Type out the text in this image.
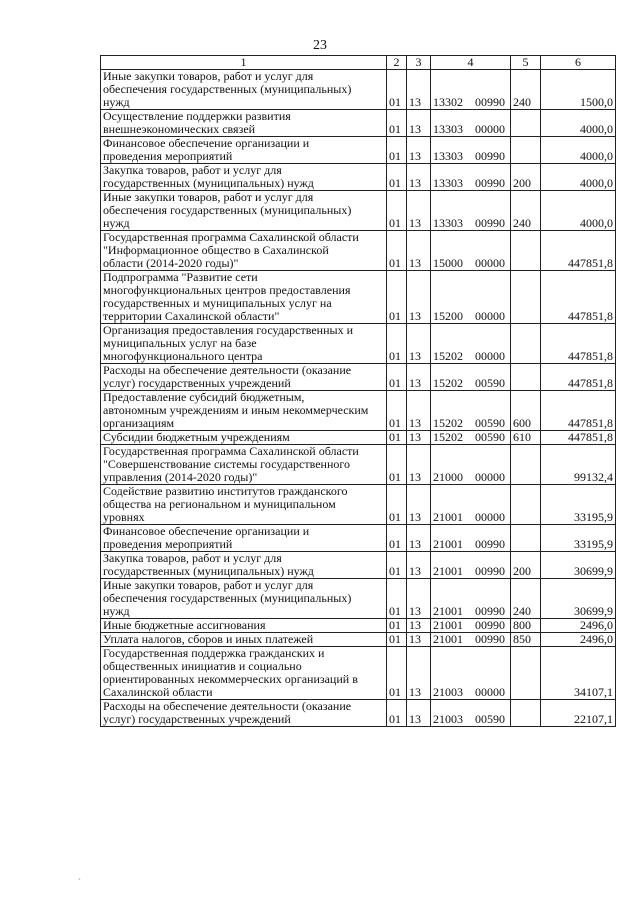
23
1	2	3	4	5	6

Иные закупки товаров, работ и услуг для
обеспечения государственных (муниципальных)
нужд	01	13	13302 00990	240	1500,0

Осуществление поддержки развития
внешнеэкономических связей	01	13	13303 00000		4000,0

Финансовое обеспечение организации и
проведения мероприятий	01	13	13303 00990		4000,0

Закупка товаров, работ и услуг для
государственных (муниципальных) нужд	01	13	13303 00990	200	4000,0

Иные закупки товаров, работ и услуг для
обеспечения государственных (муниципальных)
нужд	01	13	13303 00990	240	4000,0

Государственная программа Сахалинской области
"Информационное общество в Сахалинской
области (2014-2020 годы)"	01	13	15000 00000		447851,8

Подпрограмма "Развитие сети
многофункциональных центров предоставления
государственных и муниципальных услуг на
территории Сахалинской области"	01	13	15200 00000		447851,8

Организация предоставления государственных и
муниципальных услуг на базе
многофункционального центра	01	13	15202 00000		447851,8

Расходы на обеспечение деятельности (оказание
услуг) государственных учреждений	01	13	15202 00590		447851,8

Предоставление субсидий бюджетным,
автономным учреждениям и иным некоммерческим
организациям	01	13	15202 00590	600	447851,8

Субсидии бюджетным учреждениям	01	13	15202 00590	610	447851,8

Государственная программа Сахалинской области
"Совершенствование системы государственного
управления (2014-2020 годы)"	01	13	21000 00000		99132,4

Содействие развитию институтов гражданского
общества на региональном и муниципальном
уровнях	01	13	21001 00000		33195,9

Финансовое обеспечение организации и
проведения мероприятий	01	13	21001 00990		33195,9

Закупка товаров, работ и услуг для
государственных (муниципальных) нужд	01	13	21001 00990	200	30699,9

Иные закупки товаров, работ и услуг для
обеспечения государственных (муниципальных)
нужд	01	13	21001 00990	240	30699,9

Иные бюджетные ассигнования	01	13	21001 00990	800	2496,0

Уплата налогов, сборов и иных платежей	01	13	21001 00990	850	2496,0

Государственная поддержка гражданских и
общественных инициатив и социально
ориентированных некоммерческих организаций в
Сахалинской области	01	13	21003 00000		34107,1

Расходы на обеспечение деятельности (оказание
услуг) государственных учреждений	01	13	21003 00590		22107,1
ˎ
